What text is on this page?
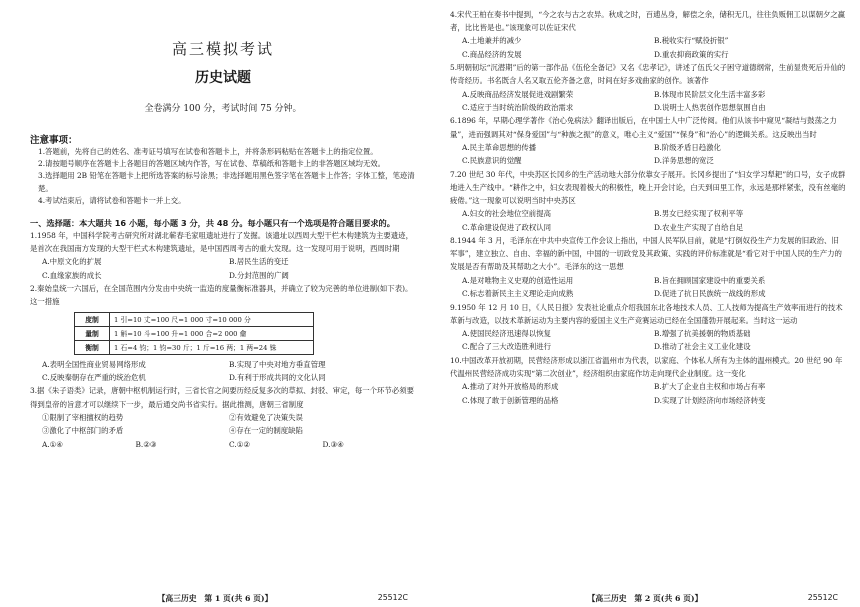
高三模拟考试
历史试题
全卷满分 100 分，考试时间 75 分钟。
注意事项：
1.答题前，先将自己的姓名、准考证号填写在试卷和答题卡上，并将条形码粘贴在答题卡上的指定位置。
2.请按题号顺序在答题卡上各题目的答题区域内作答，写在试卷、草稿纸和答题卡上的非答题区域均无效。
3.选择题用 2B 铅笔在答题卡上把所选答案的标号涂黑；非选择题用黑色签字笔在答题卡上作答；字体工整，笔迹清楚。
4.考试结束后，请将试卷和答题卡一并上交。
一、选择题：本大题共 16 小题，每小题 3 分，共 48 分。每小题只有一个选项是符合题目要求的。
1.1958 年，中国科学院考古研究所对湖北蕲春毛家咀遗址进行了发掘。该遗址以西周大型干栏木构建筑为主要遗迹，是首次在我国南方发现的大型干栏式木构建筑遗址，是中国西周考古的重大发现。这一发现可用于说明，西周时期
A.中原文化的扩展	B.居民生活的变迁
C.血缘家族的成长	D.分封范围的广阔
2.秦始皇统一六国后，在全国范围内分发由中央统一监造的度量衡标准器具，并确立了较为完善的单位进制(如下表)。这一措施
度制	1 引=10 丈=100 尺=1 000 寸=10 000 分
量制	1 斛=10 斗=100 升=1 000 合=2 000 龠
衡制	1 石=4 钧；1 钧=30 斤；1 斤=16 两；1 两=24 铢
A.表明全国性商业贸易网络形成	B.实现了中央对地方垂直管理
C.反映秦朝存在严重的统治危机	D.有利于形成共同的文化认同
3.据《朱子语类》记录，唐朝中枢机制运行时，三省长官之间要历经反复多次的草拟、封驳、审定，每一个环节必须要得到皇帝的旨意才可以继续下一步，最后通交尚书省实行。据此推测，唐朝三省制度
①限制了宰相擅权的趋势	②有效避免了决策失误
③激化了中枢部门的矛盾	④存在一定的制度缺陷
A.①④	B.②③	C.①②	D.③④
【高三历史　第 1 页(共 6 页)】	25512C
4.宋代王柏在奏书中提到，“今之农与古之农异。秋成之时，百逋丛身，解偿之余，储积无几，往往负贩佣工以谋朝夕之赢者，比比皆是也。”该现象可以佐证宋代
A.土地兼并的减少	B.税收实行“赋役折银”
C.商品经济的发展	D.重农抑商政策的实行
5.明朝韧坛“沉潜期”后的第一部作品《伍伦全备记》又名《忠孝记》，讲述了伍氏父子困守道德纲常，生前显贵死后升仙的传奇经历。书名既含人名又取五伦齐备之意，时间在好多戏曲家的创作。该著作
A.反映商品经济发展促进戏剧繁荣	B.体现市民阶层文化生活丰富多彩
C.适应于当时统治阶级的政治需求	D.说明士人热衷创作思想氛围自由
6.1896 年，早期心理学著作《治心免病法》翻译出版后，在中国士人中广泛传阅。他们从该书中窥见“凝结与鼓荡之力量”，进而强调其对“保身爱国”与“种族之振”的意义，唯心主义“爱国”“保身”和“治心”的逻辑关系。这反映出当时
A.民主革命思想的传播	B.阶级矛盾日趋激化
C.民族意识的觉醒	D.洋务思想的宽泛
7.20 世纪 30 年代，中央苏区长冈乡的生产活动地大部分依靠女子展开。长冈乡提出了“妇女学习犁耙”的口号，女子成群地进入生产线中。“耕作之中，妇女表现着极大的积极性，晚上开会讨论，白天到田里工作，永远是那样紧张，没有丝毫的疲倦。”这一现象可以说明当时中央苏区
A.妇女的社会地位空前提高	B.男女已经实现了权利平等
C.革命建设促进了政权认同	D.农业生产实现了自给自足
8.1944 年 3 月，毛泽东在中共中央宣传工作会议上指出，中国人民军队目前，就是“打倒奴役生产力发展的旧政治、旧军事”，建立独立、自由、幸福的新中国，中国的一切政党及其政策、实践的评价标准就是“看它对于中国人民的生产力的发展是否有帮助及其帮助之大小”。毛泽东的这一思想
A.是对唯物主义史观的创造性运用	B.旨在拥顾国家建设中的重要关系
C.标志着新民主主义理论走向成熟	D.促进了抗日民族统一战线的形成
9.1950 年 12 月 10 日，《人民日报》发表社论重点介绍我国东北各地技术人员、工人技师为提高生产效率而进行的技术革新与改造，以技术革新运动为主要内容的爱国主义生产竞赛运动已经在全国蓬勃开展起来。当时这一运动
A.使国民经济迅速得以恢复	B.增强了抗美援朝的物质基础
C.配合了三大改造胜利进行	D.推动了社会主义工业化建设
10.中国改革开放初期，民营经济形成以浙江省温州市为代表，以家庭、个体私人所有为主体的温州模式。20 世纪 90 年代温州民营经济成功实现“第二次创业”，经济组织由家庭作坊走向现代企业制度。这一变化
A.推动了对外开放格局的形成	B.扩大了企业自主权和市场占有率
C.体现了敢于创新管理的品格	D.实现了计划经济向市场经济转变
【高三历史　第 2 页(共 6 页)】	25512C
